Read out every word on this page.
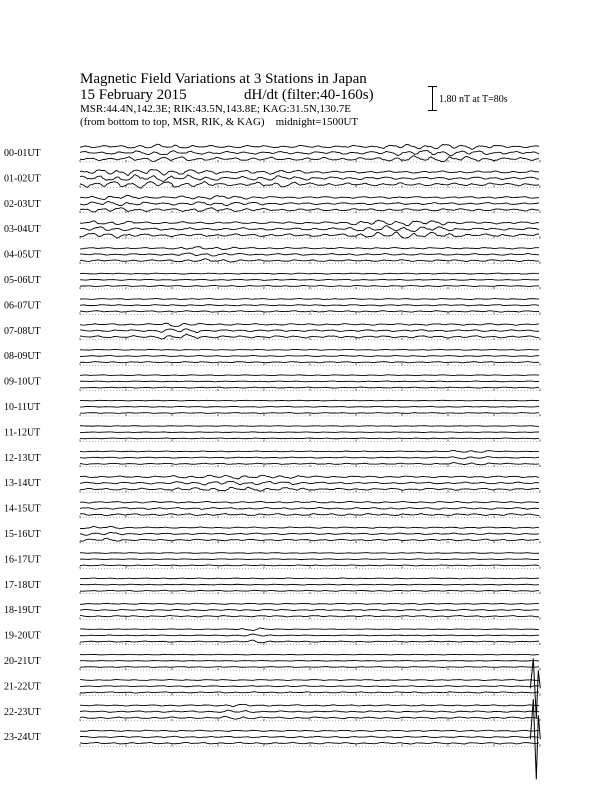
Magnetic Field Variations at 3 Stations in Japan
15 February 2015	dH/dt (filter:40-160s)
MSR:44.4N,142.3E; RIK:43.5N,143.8E; KAG:31.5N,130.7E
(from bottom to top, MSR, RIK, & KAG) midnight=1500UT
1.80 nT at T=80s
00-01UT
01-02UT
02-03UT
03-04UT
04-05UT
05-06UT
06-07UT
07-08UT
08-09UT
09-10UT
10-11UT
11-12UT
12-13UT
13-14UT
14-15UT
15-16UT
16-17UT
17-18UT
18-19UT
19-20UT
20-21UT
21-22UT
22-23UT
23-24UT
